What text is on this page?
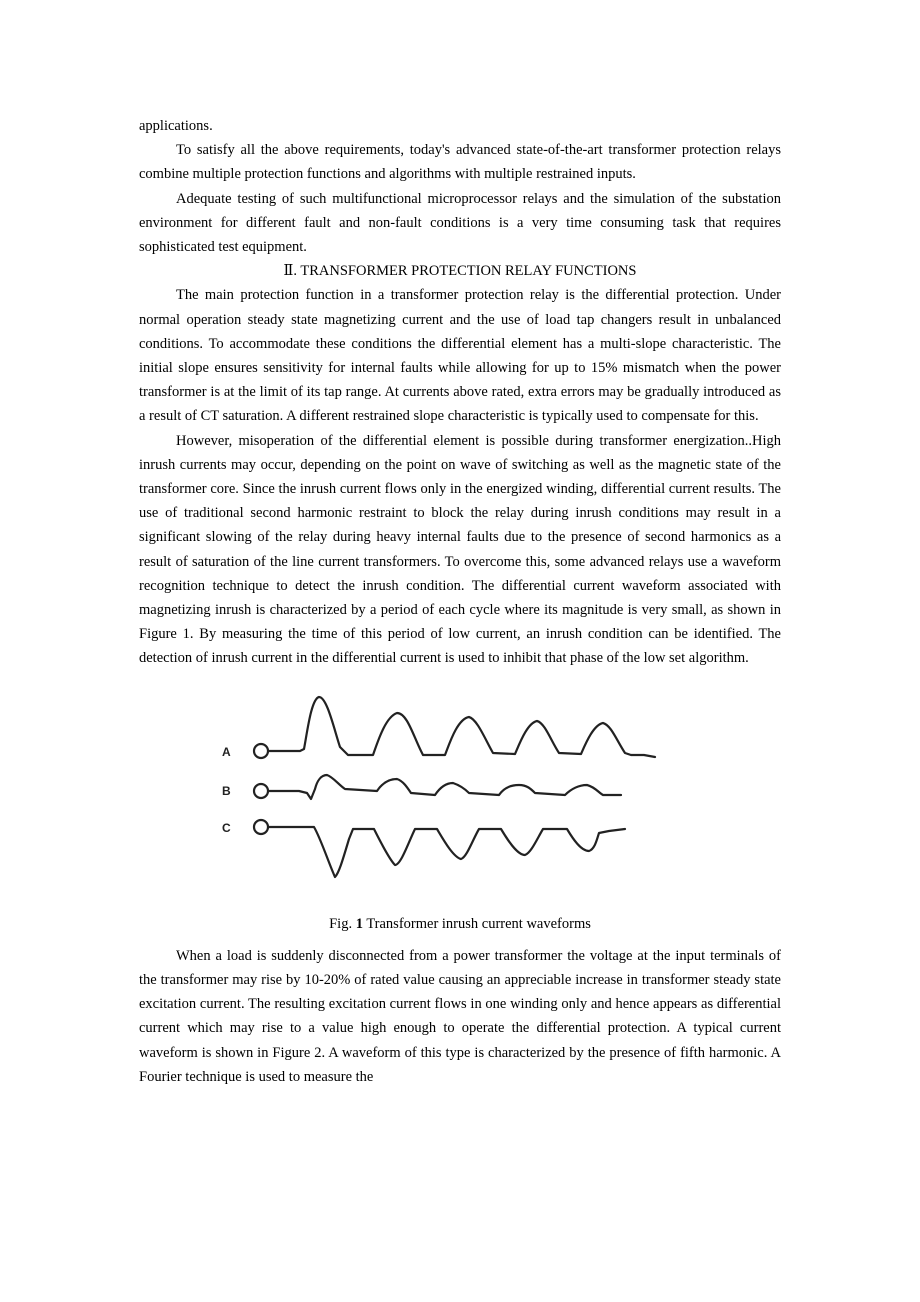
applications.

To satisfy all the above requirements, today's advanced state-of-the-art transformer protection relays combine multiple protection functions and algorithms with multiple restrained inputs.

Adequate testing of such multifunctional microprocessor relays and the simulation of the substation environment for different fault and non-fault conditions is a very time consuming task that requires sophisticated test equipment.

Ⅱ. TRANSFORMER PROTECTION RELAY FUNCTIONS

The main protection function in a transformer protection relay is the differential protection. Under normal operation steady state magnetizing current and the use of load tap changers result in unbalanced conditions. To accommodate these conditions the differential element has a multi-slope characteristic. The initial slope ensures sensitivity for internal faults while allowing for up to 15% mismatch when the power transformer is at the limit of its tap range. At currents above rated, extra errors may be gradually introduced as a result of CT saturation. A different restrained slope characteristic is typically used to compensate for this.

However, misoperation of the differential element is possible during transformer energization..High inrush currents may occur, depending on the point on wave of switching as well as the magnetic state of the transformer core. Since the inrush current flows only in the energized winding, differential current results. The use of traditional second harmonic restraint to block the relay during inrush conditions may result in a significant slowing of the relay during heavy internal faults due to the presence of second harmonics as a result of saturation of the line current transformers. To overcome this, some advanced relays use a waveform recognition technique to detect the inrush condition. The differential current waveform associated with magnetizing inrush is characterized by a period of each cycle where its magnitude is very small, as shown in Figure 1. By measuring the time of this period of low current, an inrush condition can be identified. The detection of inrush current in the differential current is used to inhibit that phase of the low set algorithm.

A
B
C

Fig. 1 Transformer inrush current waveforms

When a load is suddenly disconnected from a power transformer the voltage at the input terminals of the transformer may rise by 10-20% of rated value causing an appreciable increase in transformer steady state excitation current. The resulting excitation current flows in one winding only and hence appears as differential current which may rise to a value high enough to operate the differential protection. A typical current waveform is shown in Figure 2. A waveform of this type is characterized by the presence of fifth harmonic. A Fourier technique is used to measure the
